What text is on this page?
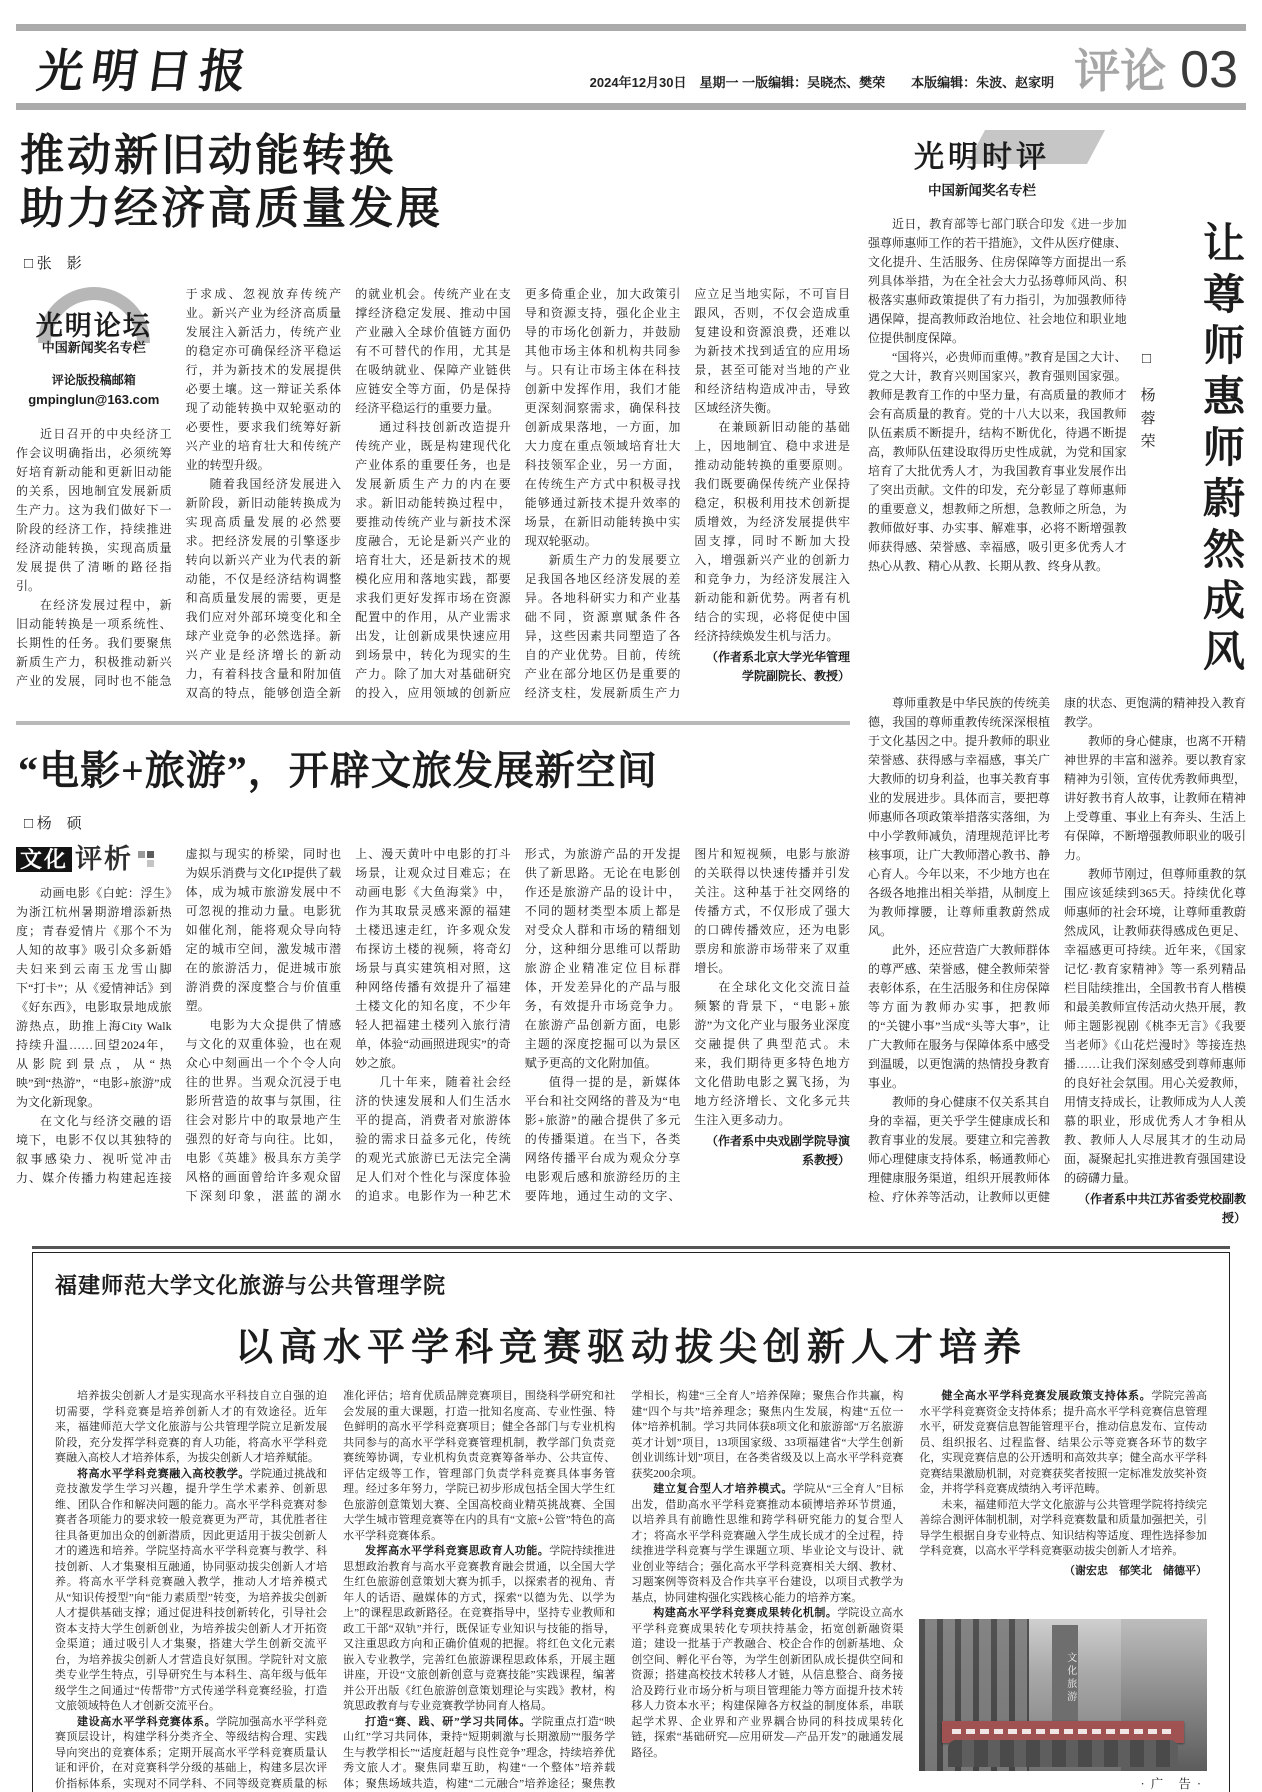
光明日报	2024年12月30日　星期一 一版编辑：吴晓杰、樊荣　　本版编辑：朱波、赵家明 评论 03
推动新旧动能转换
助力经济高质量发展
□ 张　影
光明论坛
中国新闻奖名专栏
评论版投稿邮箱
gmpinglun@163.com

近日召开的中央经济工作会议明确指出，必须统筹好培育新动能和更新旧动能的关系，因地制宜发展新质生产力。这为我们做好下一阶段的经济工作，持续推进经济动能转换，实现高质量发展提供了清晰的路径指引。

在经济发展过程中，新旧动能转换是一项系统性、长期性的任务。我们要聚焦新质生产力，积极推动新兴产业的发展，同时也不能急于求成、忽视放弃传统产业。新兴产业为经济高质量发展注入新活力，传统产业的稳定亦可确保经济平稳运行，并为新技术的发展提供必要土壤。这一辩证关系体现了动能转换中双轮驱动的必要性，要求我们统筹好新兴产业的培育壮大和传统产业的转型升级。

随着我国经济发展进入新阶段，新旧动能转换成为实现高质量发展的必然要求。把经济发展的引擎逐步转向以新兴产业为代表的新动能，不仅是经济结构调整和高质量发展的需要，更是我们应对外部环境变化和全球产业竞争的必然选择。新兴产业是经济增长的新动力，有着科技含量和附加值双高的特点，能够创造全新的就业机会。传统产业在支撑经济稳定发展、推动中国产业融入全球价值链方面仍有不可替代的作用，尤其是在吸纳就业、保障产业链供应链安全等方面，仍是保持经济平稳运行的重要力量。

通过科技创新改造提升传统产业，既是构建现代化产业体系的重要任务，也是发展新质生产力的内在要求。新旧动能转换过程中，要推动传统产业与新技术深度融合，无论是新兴产业的培育壮大，还是新技术的规模化应用和落地实践，都要求我们更好发挥市场在资源配置中的作用，从产业需求出发，让创新成果快速应用到场景中，转化为现实的生产力。除了加大对基础研究的投入，应用领域的创新应更多倚重企业，加大政策引导和资源支持，强化企业主导的市场化创新力，并鼓励其他市场主体和机构共同参与。只有让市场主体在科技创新中发挥作用，我们才能更深刻洞察需求，确保科技创新成果落地，一方面，加大力度在重点领域培育壮大科技领军企业，另一方面，在传统生产方式中积极寻找能够通过新技术提升效率的场景，在新旧动能转换中实现双轮驱动。

新质生产力的发展要立足我国各地区经济发展的差异。各地科研实力和产业基础不同，资源禀赋条件各异，这些因素共同塑造了各自的产业优势。目前，传统产业在部分地区仍是重要的经济支柱，发展新质生产力应立足当地实际，不可盲目跟风，否则，不仅会造成重复建设和资源浪费，还难以为新技术找到适宜的应用场景，甚至可能对当地的产业和经济结构造成冲击，导致区域经济失衡。

在兼顾新旧动能的基础上，因地制宜、稳中求进是推动动能转换的重要原则。我们既要确保传统产业保持稳定，积极利用技术创新提质增效，为经济发展提供牢固支撑，同时不断加大投入，增强新兴产业的创新力和竞争力，为经济发展注入新动能和新优势。两者有机结合的实现，必将促使中国经济持续焕发生机与活力。

（作者系北京大学光华管理学院副院长、教授）

“电影+旅游”，开辟文旅发展新空间
□ 杨　硕
文化 评析

动画电影《白蛇：浮生》为浙江杭州暑期游增添新热度；青春爱情片《那个不为人知的故事》吸引众多新婚夫妇来到云南玉龙雪山脚下“打卡”；从《爱情神话》到《好东西》，电影取景地成旅游热点，助推上海City Walk持续升温……回望2024年，从影院到景点，从“热映”到“热游”，“电影+旅游”成为文化新现象。

在文化与经济交融的语境下，电影不仅以其独特的叙事感染力、视听觉冲击力、媒介传播力构建起连接虚拟与现实的桥梁，同时也为娱乐消费与文化IP提供了载体，成为城市旅游发展中不可忽视的推动力量。电影犹如催化剂，能将观众导向特定的城市空间，激发城市潜在的旅游活力，促进城市旅游消费的深度整合与价值重塑。

电影为大众提供了情感与文化的双重体验，也在观众心中刻画出一个个令人向往的世界。当观众沉浸于电影所营造的故事与氛围，往往会对影片中的取景地产生强烈的好奇与向往。比如，电影《英雄》极具东方美学风格的画面曾给许多观众留下深刻印象，湛蓝的湖水上、漫天黄叶中电影的打斗场景，让观众过目难忘；在动画电影《大鱼海棠》中，作为其取景灵感来源的福建土楼迅速走红，许多观众发布探访土楼的视频，将奇幻场景与真实建筑相对照，这种网络传播有效提升了福建土楼文化的知名度，不少年轻人把福建土楼列入旅行清单，体验“动画照进现实”的奇妙之旅。

几十年来，随着社会经济的快速发展和人们生活水平的提高，消费者对旅游体验的需求日益多元化，传统的观光式旅游已无法完全满足人们对个性化与深度体验的追求。电影作为一种艺术形式，为旅游产品的开发提供了新思路。无论在电影创作还是旅游产品的设计中，不同的题材类型本质上都是对受众人群和市场的精细划分，这种细分思维可以帮助旅游企业精准定位目标群体，开发差异化的产品与服务，有效提升市场竞争力。在旅游产品创新方面，电影主题的深度挖掘可以为景区赋予更高的文化附加值。

值得一提的是，新媒体平台和社交网络的普及为“电影+旅游”的融合提供了多元的传播渠道。在当下，各类网络传播平台成为观众分享电影观后感和旅游经历的主要阵地，通过生动的文字、图片和短视频，电影与旅游的关联得以快速传播并引发关注。这种基于社交网络的传播方式，不仅形成了强大的口碑传播效应，还为电影票房和旅游市场带来了双重增长。

在全球化文化交流日益频繁的背景下，“电影+旅游”为文化产业与服务业深度交融提供了典型范式。未来，我们期待更多特色地方文化借助电影之翼飞扬，为地方经济增长、文化多元共生注入更多动力。

（作者系中央戏剧学院导演系教授）

光明时评
中国新闻奖名专栏

近日，教育部等七部门联合印发《进一步加强尊师惠师工作的若干措施》，文件从医疗健康、文化提升、生活服务、住房保障等方面提出一系列具体举措，为在全社会大力弘扬尊师风尚、积极落实惠师政策提供了有力指引，为加强教师待遇保障，提高教师政治地位、社会地位和职业地位提供制度保障。

“国将兴，必贵师而重傅。”教育是国之大计、党之大计，教育兴则国家兴，教育强则国家强。教师是教育工作的中坚力量，有高质量的教师才会有高质量的教育。党的十八大以来，我国教师队伍素质不断提升，结构不断优化，待遇不断提高，教师队伍建设取得历史性成就，为党和国家培育了大批优秀人才，为我国教育事业发展作出了突出贡献。文件的印发，充分彰显了尊师惠师的重要意义，想教师之所想，急教师之所急，为教师做好事、办实事、解难事，必将不断增强教师获得感、荣誉感、幸福感，吸引更多优秀人才热心从教、精心从教、长期从教、终身从教。

□ 杨蓉荣 让尊师惠师蔚然成风

尊师重教是中华民族的传统美德，我国的尊师重教传统深深根植于文化基因之中。提升教师的职业荣誉感、获得感与幸福感，事关广大教师的切身利益，也事关教育事业的发展进步。具体而言，要把尊师惠师各项政策举措落实落细，为中小学教师减负，清理规范评比考核事项，让广大教师潜心教书、静心育人。今年以来，不少地方也在各级各地推出相关举措，从制度上为教师撑腰，让尊师重教蔚然成风。

此外，还应营造广大教师群体的尊严感、荣誉感，健全教师荣誉表彰体系，在生活服务和住房保障等方面为教师办实事，把教师的“关键小事”当成“头等大事”，让广大教师在服务与保障体系中感受到温暖，以更饱满的热情投身教育事业。

教师的身心健康不仅关系其自身的幸福，更关乎学生健康成长和教育事业的发展。要建立和完善教师心理健康支持体系，畅通教师心理健康服务渠道，组织开展教师体检、疗休养等活动，让教师以更健康的状态、更饱满的精神投入教育教学。

教师的身心健康，也离不开精神世界的丰富和滋养。要以教育家精神为引领，宣传优秀教师典型，讲好教书育人故事，让教师在精神上受尊重、事业上有奔头、生活上有保障，不断增强教师职业的吸引力。

教师节刚过，但尊师重教的氛围应该延续到365天。持续优化尊师惠师的社会环境，让尊师重教蔚然成风，让教师获得感成色更足、幸福感更可持续。近年来，《国家记忆·教育家精神》等一系列精品栏目陆续推出，全国教书育人楷模和最美教师宣传活动火热开展，教师主题影视剧《桃李无言》《我要当老师》《山花烂漫时》等接连热播……让我们深刻感受到尊师惠师的良好社会氛围。用心关爱教师，用情支持成长，让教师成为人人羡慕的职业，形成优秀人才争相从教、教师人人尽展其才的生动局面，凝聚起扎实推进教育强国建设的磅礴力量。

（作者系中共江苏省委党校副教授）

福建师范大学文化旅游与公共管理学院
以高水平学科竞赛驱动拔尖创新人才培养

培养拔尖创新人才是实现高水平科技自立自强的迫切需要，学科竞赛是培养创新人才的有效途径。近年来，福建师范大学文化旅游与公共管理学院立足新发展阶段，充分发挥学科竞赛的育人功能，将高水平学科竞赛融入高校人才培养体系，为拔尖创新人才培养赋能。

将高水平学科竞赛融入高校教学。学院通过挑战和竞技激发学生学习兴趣，提升学生学术素养、创新思维、团队合作和解决问题的能力。高水平学科竞赛对参赛者各项能力的要求较一般竞赛更为严苛，其优胜者往往具备更加出众的创新潜质，因此更适用于拔尖创新人才的遴选和培养。学院坚持高水平学科竞赛与教学、科技创新、人才集聚相互融通，协同驱动拔尖创新人才培养。将高水平学科竞赛融入教学，推动人才培养模式从“知识传授型”向“能力素质型”转变，为培养拔尖创新人才提供基础支撑；通过促进科技创新转化，引导社会资本支持大学生创新创业，为培养拔尖创新人才开拓资金渠道；通过吸引人才集聚，搭建大学生创新交流平台，为培养拔尖创新人才营造良好氛围。学院针对文旅类专业学生特点，引导研究生与本科生、高年级与低年级学生之间通过“传帮带”方式传递学科竞赛经验，打造文旅领域特色人才创新交流平台。

建设高水平学科竞赛体系。学院加强高水平学科竞赛顶层设计，构建学科分类齐全、等级结构合理、实践导向突出的竞赛体系；定期开展高水平学科竞赛质量认证和评价，在对竞赛科学分级的基础上，构建多层次评价指标体系，实现对不同学科、不同等级竞赛质量的标准化评估；培育优质品牌竞赛项目，围绕科学研究和社会发展的重大课题，打造一批知名度高、专业性强、特色鲜明的高水平学科竞赛项目；健全各部门与专业机构共同参与的高水平学科竞赛管理机制，教学部门负责竞赛统筹协调，专业机构负责竞赛筹备举办、公共宣传、评估定级等工作，管理部门负责学科竞赛具体事务管理。经过多年努力，学院已初步形成包括全国大学生红色旅游创意策划大赛、全国高校商业精英挑战赛、全国大学生城市管理竞赛等在内的具有“文旅+公管”特色的高水平学科竞赛体系。

发挥高水平学科竞赛思政育人功能。学院持续推进思想政治教育与高水平竞赛教育融会贯通，以全国大学生红色旅游创意策划大赛为抓手，以探索者的视角、青年人的话语、融媒体的方式，探索“以德为先、以学为上”的课程思政新路径。在竞赛指导中，坚持专业教师和政工干部“双轨”并行，既保证专业知识与技能的指导，又注重思政方向和正确价值观的把握。将红色文化元素嵌入专业教学，完善红色旅游课程思政体系，开展主题讲座，开设“文旅创新创意与竞赛技能”实践课程，编著并公开出版《红色旅游创意策划理论与实践》教材，构筑思政教育与专业竞赛教学协同育人格局。

打造“赛、践、研”学习共同体。学院重点打造“映山红”学习共同体，秉持“短期刺激与长期激励”“服务学生与教学相长”“适度赶超与良性竞争”理念，持续培养优秀文旅人才。聚焦同辈互助，构建“一个整体”培养载体；聚焦场域共造，构建“二元融合”培养途径；聚焦教学相长，构建“三全育人”培养保障；聚焦合作共赢，构建“四个与共”培养理念；聚焦内生发展，构建“五位一体”培养机制。学习共同体获8项文化和旅游部“万名旅游英才计划”项目，13项国家级、33项福建省“大学生创新创业训练计划”项目，在各类省级及以上高水平学科竞赛获奖200余项。

建立复合型人才培养模式。学院从“三全育人”目标出发，借助高水平学科竞赛推动本硕博培养环节贯通，以培养具有前瞻性思维和跨学科研究能力的复合型人才；将高水平学科竞赛融入学生成长成才的全过程，持续推进学科竞赛与学生课题立项、毕业论文与设计、就业创业等结合；强化高水平学科竞赛相关大纲、教材、习题案例等资料及合作共享平台建设，以项目式教学为基点，协同建构强化实践核心能力的培养方案。

构建高水平学科竞赛成果转化机制。学院设立高水平学科竞赛成果转化专项扶持基金，拓宽创新融资渠道；建设一批基于产教融合、校企合作的创新基地、众创空间、孵化平台等，为学生创新团队成长提供空间和资源；搭建高校技术转移人才链，从信息整合、商务接洽及跨行业市场分析与项目管理能力等方面提升技术转移人力资本水平；构建保障各方权益的制度体系，串联起学术界、企业界和产业界耦合协同的科技成果转化链，探索“基础研究—应用研发—产品开发”的融通发展路径。

健全高水平学科竞赛发展政策支持体系。学院完善高水平学科竞赛资金支持体系；提升高水平学科竞赛信息管理水平，研发竞赛信息智能管理平台，推动信息发布、宣传动员、组织报名、过程监督、结果公示等竞赛各环节的数字化，实现竞赛信息的公开透明和高效共享；健全高水平学科竞赛结果激励机制，对竞赛获奖者按照一定标准发放奖补资金，并将学科竞赛成绩纳入考评范畴。

未来，福建师范大学文化旅游与公共管理学院将持续完善综合测评体制机制，对学科竞赛数量和质量加强把关，引导学生根据自身专业特点、知识结构等适度、理性选择参加学科竞赛，以高水平学科竞赛驱动拔尖创新人才培养。

（谢宏忠　郁笑北　储德平）
文化旅游
·广 告·
